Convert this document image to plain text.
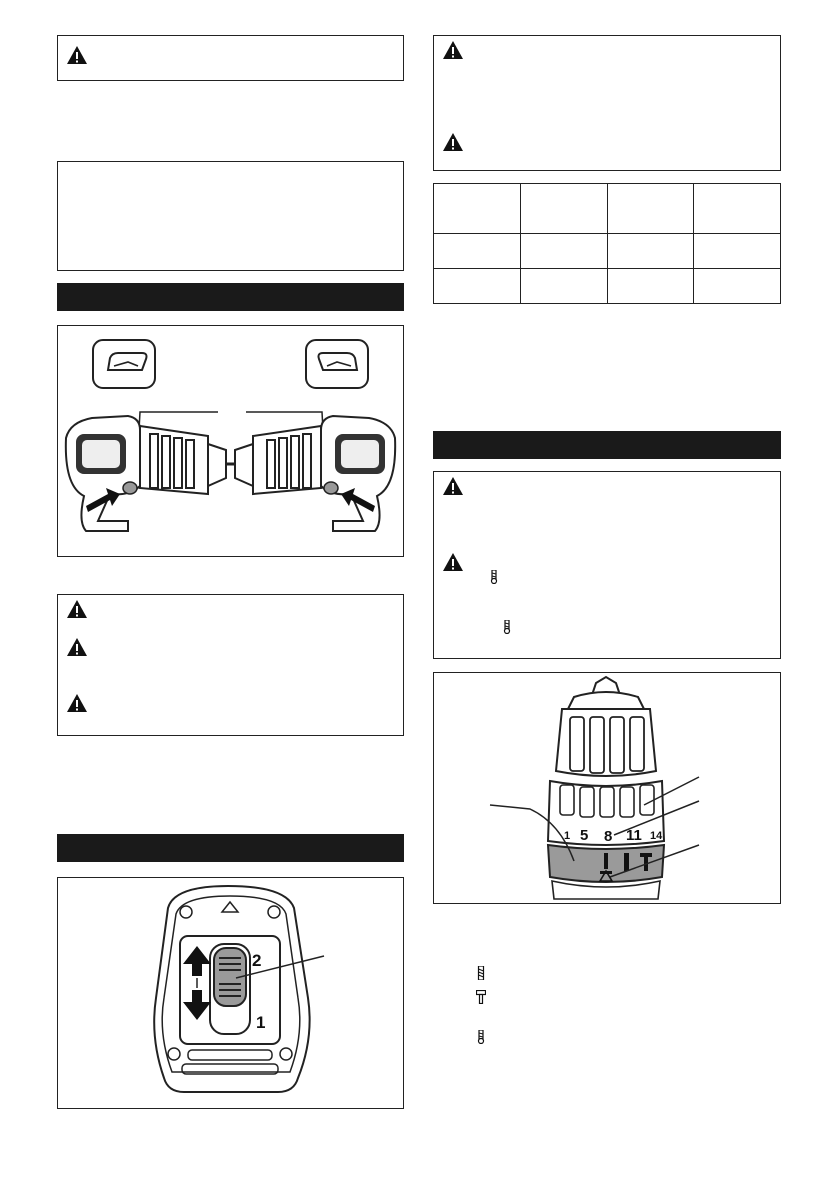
2
1

1 5 8 11 14
